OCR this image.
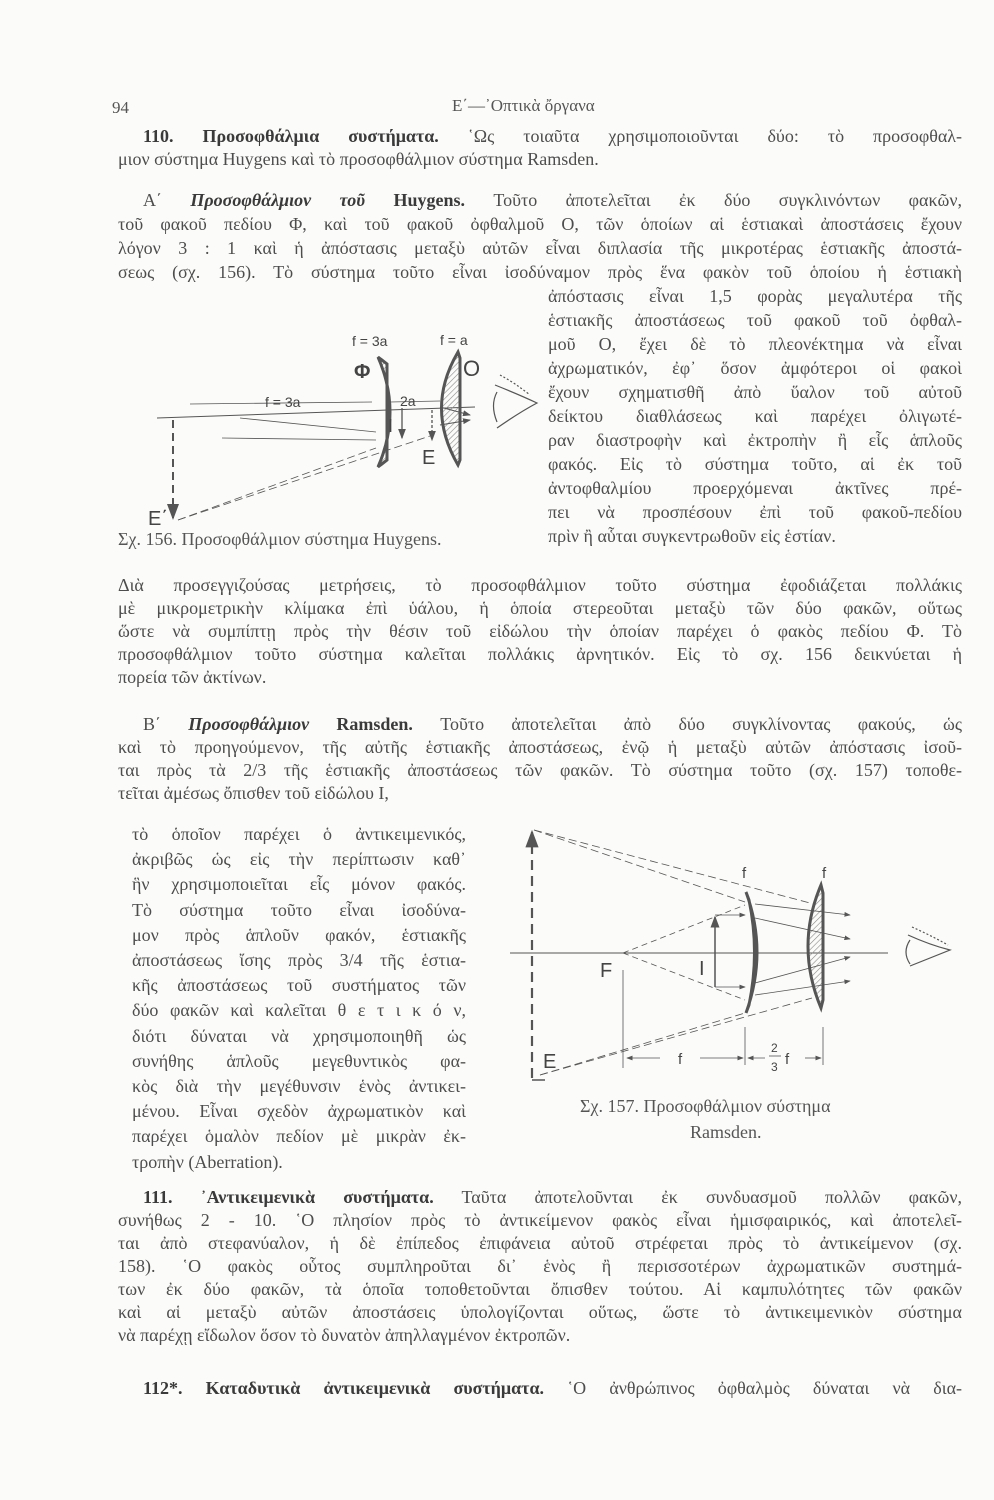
94	Ε΄—᾿Οπτικὰ ὄργανα
110. Προσοφθάλμια συστήματα. ῾Ως τοιαῦτα χρησιμοποιοῦνται δύο: τὸ προσοφθαλ-
μιον σύστημα Huygens καὶ τὸ προσοφθάλμιον σύστημα Ramsden.
Α΄ Προσοφθάλμιον τοῦ Huygens. Τοῦτο ἀποτελεῖται ἐκ δύο συγκλινόντων φακῶν,
τοῦ φακοῦ πεδίου Φ, καὶ τοῦ φακοῦ ὀφθαλμοῦ Ο, τῶν ὁποίων αἱ ἑστιακαὶ ἀποστάσεις ἔχουν
λόγον 3 : 1 καὶ ἡ ἀπόστασις μεταξὺ αὐτῶν εἶναι διπλασία τῆς μικροτέρας ἑστιακῆς ἀποστά-
σεως (σχ. 156). Τὸ σύστημα τοῦτο εἶναι ἰσοδύναμον πρὸς ἕνα φακὸν τοῦ ὁποίου ἡ ἑστιακὴ
ἀπόστασις εἶναι 1,5 φορὰς μεγαλυτέρα τῆς
ἑστιακῆς ἀποστάσεως τοῦ φακοῦ τοῦ ὀφθαλ-
μοῦ Ο, ἔχει δὲ τὸ πλεονέκτημα νὰ εἶναι
ἀχρωματικόν, ἐφ᾿ ὅσον ἀμφότεροι οἱ φακοὶ
ἔχουν σχηματισθῆ ἀπὸ ὕαλον τοῦ αὐτοῦ
δείκτου διαθλάσεως καὶ παρέχει ὀλιγωτέ-
ραν διαστροφὴν καὶ ἐκτροπὴν ἢ εἷς ἁπλοῦς
φακός. Εἰς τὸ σύστημα τοῦτο, αἱ ἐκ τοῦ
ἀντοφθαλμίου προερχόμεναι ἀκτῖνες πρέ-
πει νὰ προσπέσουν ἐπὶ τοῦ φακοῦ-πεδίου
πρὶν ἢ αὗται συγκεντρωθοῦν εἰς ἑστίαν.
Διὰ προσεγγιζούσας μετρήσεις, τὸ προσοφθάλμιον τοῦτο σύστημα ἐφοδιάζεται πολλάκις
μὲ μικρομετρικὴν κλίμακα ἐπὶ ὑάλου, ἡ ὁποία στερεοῦται μεταξὺ τῶν δύο φακῶν, οὕτως
ὥστε νὰ συμπίπτῃ πρὸς τὴν θέσιν τοῦ εἰδώλου τὴν ὁποίαν παρέχει ὁ φακὸς πεδίου Φ. Τὸ
προσοφθάλμιον τοῦτο σύστημα καλεῖται πολλάκις ἀρνητικόν. Εἰς τὸ σχ. 156 δεικνύεται ἡ
πορεία τῶν ἀκτίνων.
Β΄ Προσοφθάλμιον Ramsden. Τοῦτο ἀποτελεῖται ἀπὸ δύο συγκλίνοντας φακούς, ὡς
καὶ τὸ προηγούμενον, τῆς αὐτῆς ἑστιακῆς ἀποστάσεως, ἐνῷ ἡ μεταξὺ αὐτῶν ἀπόστασις ἰσοῦ-
ται πρὸς τὰ 2/3 τῆς ἑστιακῆς ἀποστάσεως τῶν φακῶν. Τὸ σύστημα τοῦτο (σχ. 157) τοποθε-
τεῖται ἀμέσως ὄπισθεν τοῦ εἰδώλου Ι,
τὸ ὁποῖον παρέχει ὁ ἀντικειμενικός,
ἀκριβῶς ὡς εἰς τὴν περίπτωσιν καθ᾿
ἣν χρησιμοποιεῖται εἷς μόνον φακός.
Τὸ σύστημα τοῦτο εἶναι ἰσοδύνα-
μον πρὸς ἁπλοῦν φακόν, ἑστιακῆς
ἀποστάσεως ἴσης πρὸς 3/4 τῆς ἑστια-
κῆς ἀποστάσεως τοῦ συστήματος τῶν
δύο φακῶν καὶ καλεῖται θ ε τ ι κ ό ν,
διότι δύναται νὰ χρησιμοποιηθῆ ὡς
συνήθης ἁπλοῦς μεγεθυντικὸς φα-
κὸς διὰ τὴν μεγέθυνσιν ἑνὸς ἀντικει-
μένου. Εἶναι σχεδὸν ἀχρωματικὸν καὶ
παρέχει ὁμαλὸν πεδίον μὲ μικρὰν ἐκ-
τροπὴν (Aberration).
111. ᾿Αντικειμενικὰ συστήματα. Ταῦτα ἀποτελοῦνται ἐκ συνδυασμοῦ πολλῶν φακῶν,
συνήθως 2 - 10. ῾Ο πλησίον πρὸς τὸ ἀντικείμενον φακὸς εἶναι ἡμισφαιρικός, καὶ ἀποτελεῖ-
ται ἀπὸ στεφανύαλον, ἡ δὲ ἐπίπεδος ἐπιφάνεια αὐτοῦ στρέφεται πρὸς τὸ ἀντικείμενον (σχ.
158). ῾Ο φακὸς οὗτος συμπληροῦται δι᾿ ἑνὸς ἢ περισσοτέρων ἀχρωματικῶν συστημά-
των ἐκ δύο φακῶν, τὰ ὁποῖα τοποθετοῦνται ὄπισθεν τούτου. Αἱ καμπυλότητες τῶν φακῶν
καὶ αἱ μεταξὺ αὐτῶν ἀποστάσεις ὑπολογίζονται οὕτως, ὥστε τὸ ἀντικειμενικὸν σύστημα
νὰ παρέχῃ εἴδωλον ὅσον τὸ δυνατὸν ἀπηλλαγμένον ἐκτροπῶν.
112*. Καταδυτικὰ ἀντικειμενικὰ συστήματα. ῾Ο ἀνθρώπινος ὀφθαλμὸς δύναται νὰ δια-
Σχ. 156. Προσοφθάλμιον σύστημα Huygens.
Σχ. 157. Προσοφθάλμιον σύστημα
Ramsden.
f = 3a	f = a
Φ	O
f = 3a	2a
I
E
E΄
f	f
F	I
E	f
2
3 f
